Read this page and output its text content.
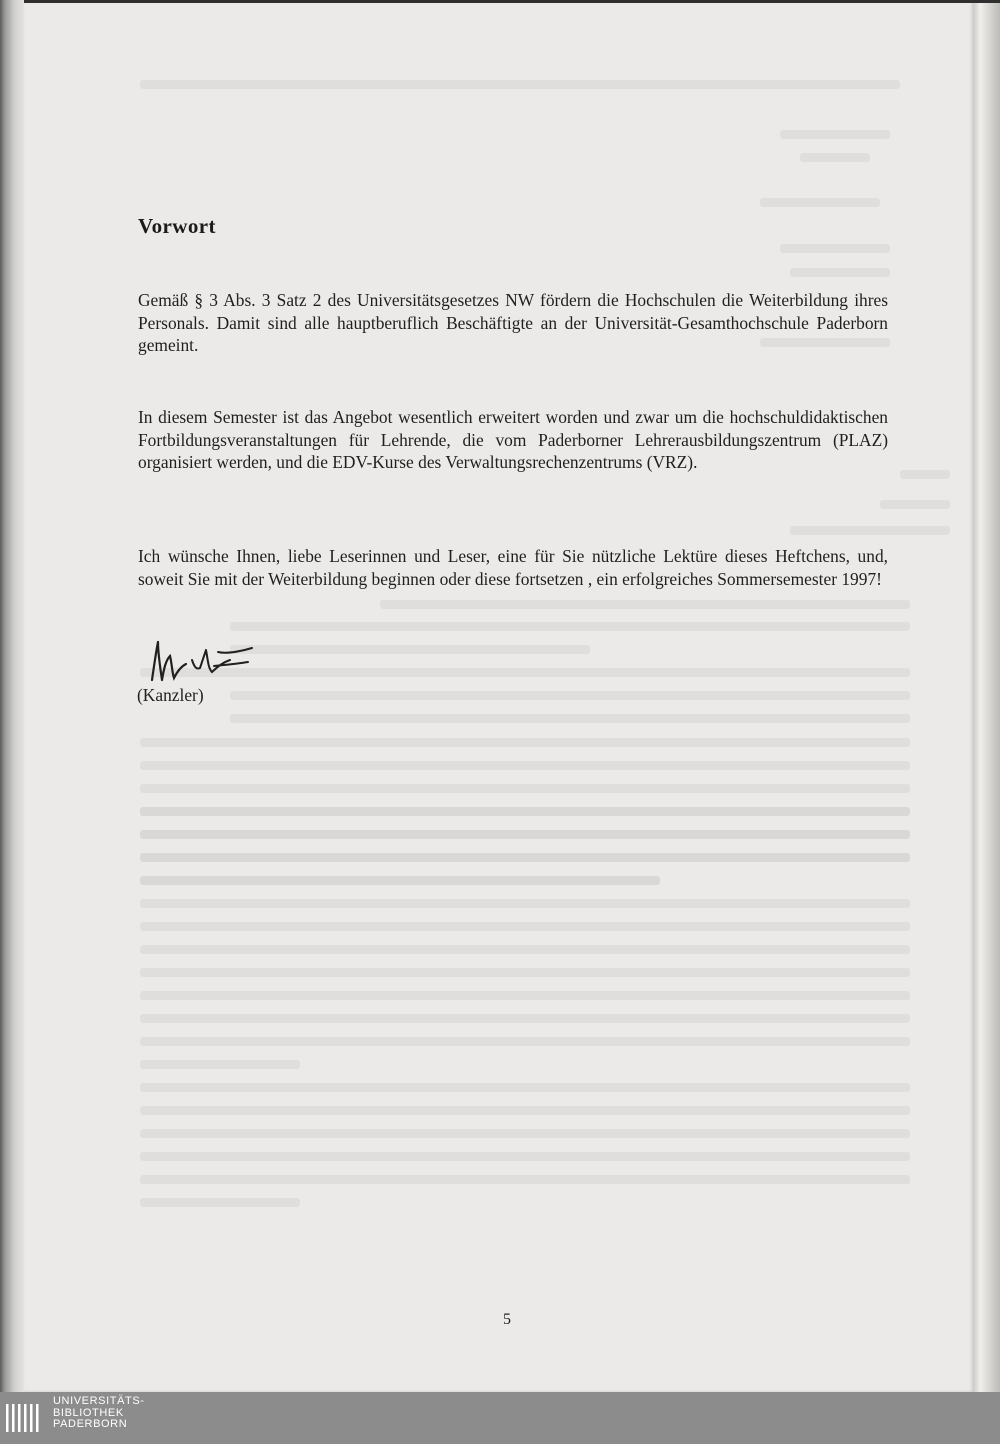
Vorwort

Gemäß § 3 Abs. 3 Satz 2 des Universitätsgesetzes NW fördern die Hochschulen die Weiterbildung ihres Personals. Damit sind alle hauptberuflich Beschäftigte an der Universität-Gesamthochschule Paderborn gemeint.

In diesem Semester ist das Angebot wesentlich erweitert worden und zwar um die hochschuldidaktischen Fortbildungsveranstaltungen für Lehrende, die vom Paderborner Lehrerausbildungszentrum (PLAZ) organisiert werden, und die EDV-Kurse des Verwaltungsrechenzentrums (VRZ).

Ich wünsche Ihnen, liebe Leserinnen und Leser, eine für Sie nützliche Lektüre dieses Heftchens, und, soweit Sie mit der Weiterbildung beginnen oder diese fortsetzen , ein erfolgreiches Sommersemester 1997!

(Kanzler)

5

UNIVERSITÄTS-
BIBLIOTHEK
PADERBORN
